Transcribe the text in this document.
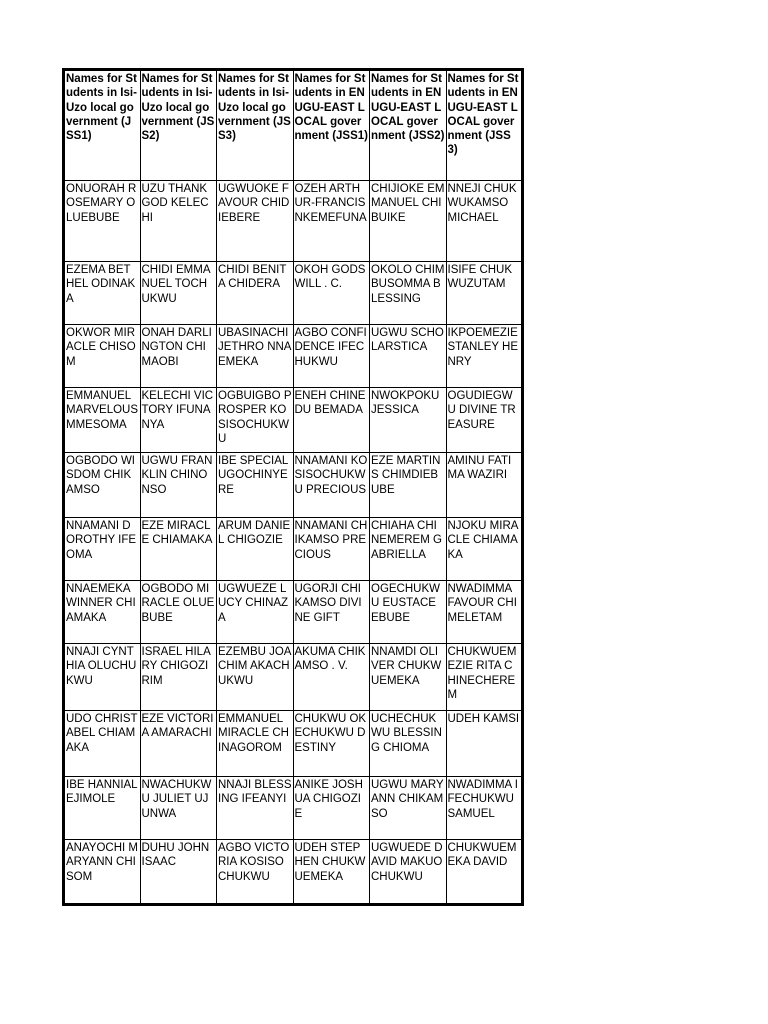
Names for Students in Isi-Uzo local government (JSS1)	Names for Students in Isi-Uzo local government (JSS2)	Names for Students in Isi-Uzo local government (JSS3)	Names for Students in ENUGU-EAST LOCAL government (JSS1)	Names for Students in ENUGU-EAST LOCAL government (JSS2)	Names for Students in ENUGU-EAST LOCAL government (JSS3)
ONUORAH ROSEMARY OLUEBUBE	UZU THANK GOD KELECHI	UGWUOKE FAVOUR CHIDIEBERE	OZEH ARTHUR-FRANCIS NKEMEFUNA	CHIJIOKE EMMANUEL CHIBUIKE	NNEJI CHUKWUKAMSO MICHAEL
EZEMA BETHEL ODINAKA	CHIDI EMMANUEL TOCHUKWU	CHIDI BENITA CHIDERA	OKOH GODSWILL . C.	OKOLO CHIMBUSOMMA BLESSING	ISIFE CHUKWUZUTAM
OKWOR MIRACLE CHISOM	ONAH DARLINGTON CHIMAOBI	UBASINACHI JETHRO NNAEMEKA	AGBO CONFIDENCE IFECHUKWU	UGWU SCHOLARSTICA	IKPOEMEZIE STANLEY HENRY
EMMANUEL MARVELOUS MMESOMA	KELECHI VICTORY IFUNANYA	OGBUIGBO PROSPER KOSISOCHUKWU	ENEH CHINEDU BEMADA	NWOKPOKU JESSICA	OGUDIEGWU DIVINE TREASURE
OGBODO WISDOM CHIKAMSO	UGWU FRANKLIN CHINONSO	IBE SPECIAL UGOCHINYERE	NNAMANI KOSISOCHUKWU PRECIOUS	EZE MARTINS CHIMDIEBUBE	AMINU FATIMA WAZIRI
NNAMANI DOROTHY IFEOMA	EZE MIRACLE CHIAMAKA	ARUM DANIEL CHIGOZIE	NNAMANI CHIKAMSO PRECIOUS	CHIAHA CHINEMEREM GABRIELLA	NJOKU MIRACLE CHIAMAKA
NNAEMEKA WINNER CHIAMAKA	OGBODO MIRACLE OLUEBUBE	UGWUEZE LUCY CHINAZA	UGORJI CHIKAMSO DIVINE GIFT	OGECHUKWU EUSTACE EBUBE	NWADIMMA FAVOUR CHIMELETAM
NNAJI CYNTHIA OLUCHUKWU	ISRAEL HILARY CHIGOZIRIM	EZEMBU JOACHIM AKACHUKWU	AKUMA CHIKAMSO . V.	NNAMDI OLIVER CHUKWUEMEKA	CHUKWUEMEZIE RITA CHINECHEREM
UDO CHRISTABEL CHIAMAKA	EZE VICTORIA AMARACHI	EMMANUEL MIRACLE CHINAGOROM	CHUKWU OKECHUKWU DESTINY	UCHECHUKWU BLESSING CHIOMA	UDEH KAMSI
IBE HANNIAL EJIMOLE	NWACHUKWU JULIET UJUNWA	NNAJI BLESSING IFEANYI	ANIKE JOSHUA CHIGOZIE	UGWU MARYANN CHIKAMSO	NWADIMMA IFECHUKWU SAMUEL
ANAYOCHI MARYANN CHISOM	DUHU JOHN ISAAC	AGBO VICTORIA KOSISOCHUKWU	UDEH STEPHEN CHUKWUEMEKA	UGWUEDE DAVID MAKUOCHUKWU	CHUKWUEMEKA DAVID
